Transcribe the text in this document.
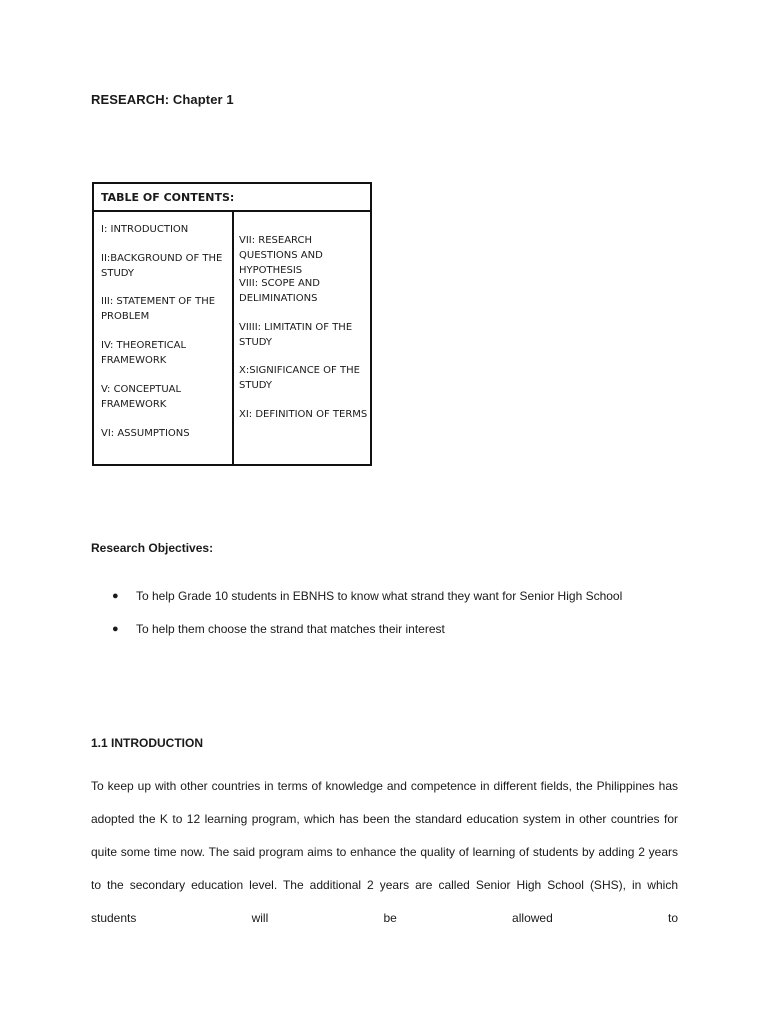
RESEARCH: Chapter 1
TABLE OF CONTENTS:
I: INTRODUCTION
II:BACKGROUND OF THE STUDY
III: STATEMENT OF THE PROBLEM
IV: THEORETICAL FRAMEWORK
V: CONCEPTUAL FRAMEWORK
VI: ASSUMPTIONS
VII: RESEARCH QUESTIONS AND HYPOTHESIS
VIII: SCOPE AND DELIMINATIONS
VIIII: LIMITATIN OF THE STUDY
X:SIGNIFICANCE OF THE STUDY
XI: DEFINITION OF TERMS
Research Objectives:
● To help Grade 10 students in EBNHS to know what strand they want for Senior High School
● To help them choose the strand that matches their interest
1.1 INTRODUCTION

To keep up with other countries in terms of knowledge and competence in different fields, the Philippines has adopted the K to 12 learning program, which has been the standard education system in other countries for quite some time now. The said program aims to enhance the quality of learning of students by adding 2 years to the secondary education level. The additional 2 years are called Senior High School (SHS), in which students will be allowed to
